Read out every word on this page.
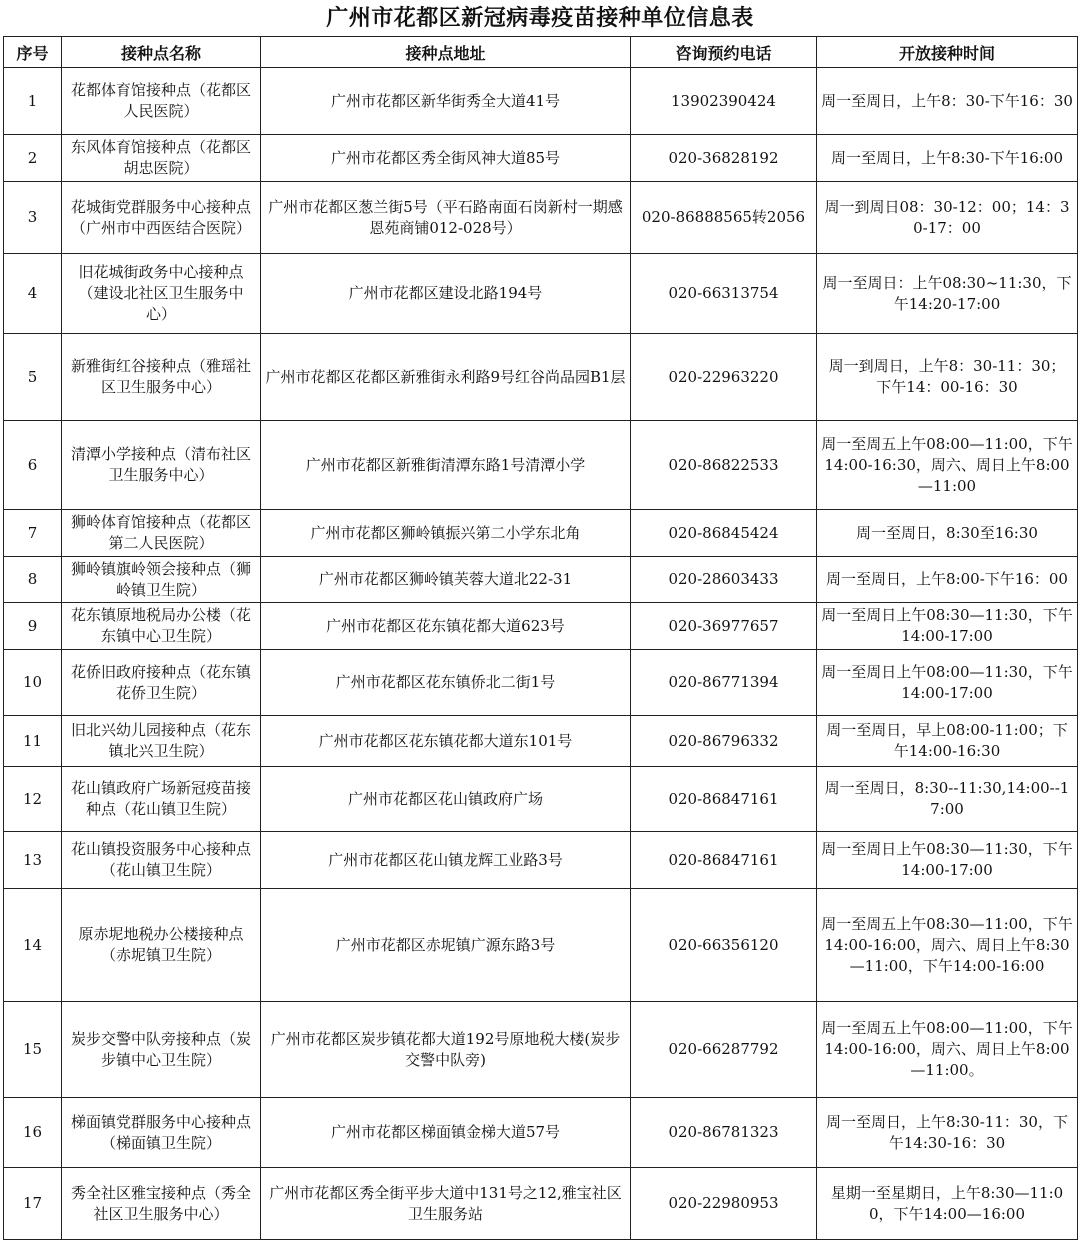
广州市花都区新冠病毒疫苗接种单位信息表
序号	接种点名称	接种点地址	咨询预约电话	开放接种时间
1	花都体育馆接种点（花都区人民医院）	广州市花都区新华街秀全大道41号	13902390424	周一至周日，上午8：30-下午16：30
2	东风体育馆接种点（花都区胡忠医院）	广州市花都区秀全街风神大道85号	020-36828192	周一至周日，上午8:30-下午16:00
3	花城街党群服务中心接种点（广州市中西医结合医院）	广州市花都区葱兰街5号（平石路南面石岗新村一期感恩苑商铺012-028号）	020-86888565转2056	周一到周日08：30-12：00；14：30-17：00
4	旧花城街政务中心接种点（建设北社区卫生服务中心）	广州市花都区建设北路194号	020-66313754	周一至周日：上午08:30~11:30，下午14:20-17:00
5	新雅街红谷接种点（雅瑶社区卫生服务中心）	广州市花都区花都区新雅街永利路9号红谷尚品园B1层	020-22963220	周一到周日，上午8：30-11：30；
下午14：00-16：30
6	清潭小学接种点（清布社区卫生服务中心）	广州市花都区新雅街清潭东路1号清潭小学	020-86822533	周一至周五上午08:00—11:00，下午14:00-16:30，周六、周日上午8:00—11:00
7	狮岭体育馆接种点（花都区第二人民医院）	广州市花都区狮岭镇振兴第二小学东北角	020-86845424	周一至周日，8:30至16:30
8	狮岭镇旗岭领会接种点（狮岭镇卫生院）	广州市花都区狮岭镇芙蓉大道北22-31	020-28603433	周一至周日，上午8:00-下午16：00
9	花东镇原地税局办公楼（花东镇中心卫生院）	广州市花都区花东镇花都大道623号	020-36977657	周一至周日上午08:30—11:30，下午14:00-17:00
10	花侨旧政府接种点（花东镇花侨卫生院）	广州市花都区花东镇侨北二街1号	020-86771394	周一至周日上午08:00—11:30，下午14:00-17:00
11	旧北兴幼儿园接种点（花东镇北兴卫生院）	广州市花都区花东镇花都大道东101号	020-86796332	周一至周日，早上08:00-11:00；下午14:00-16:30
12	花山镇政府广场新冠疫苗接种点（花山镇卫生院）	广州市花都区花山镇政府广场	020-86847161	周一至周日，8:30--11:30,14:00--17:00
13	花山镇投资服务中心接种点（花山镇卫生院）	广州市花都区花山镇龙辉工业路3号	020-86847161	周一至周日上午08:30—11:30，下午14:00-17:00
14	原赤坭地税办公楼接种点（赤坭镇卫生院）	广州市花都区赤坭镇广源东路3号	020-66356120	周一至周五上午08:30—11:00，下午14:00-16:00，周六、周日上午8:30—11:00，下午14:00-16:00
15	炭步交警中队旁接种点（炭步镇中心卫生院）	广州市花都区炭步镇花都大道192号原地税大楼(炭步交警中队旁)	020-66287792	周一至周五上午08:00—11:00，下午14:00-16:00，周六、周日上午8:00—11:00。
16	梯面镇党群服务中心接种点（梯面镇卫生院）	广州市花都区梯面镇金梯大道57号	020-86781323	周一至周日，上午8:30-11：30，下午14:30-16：30
17	秀全社区雅宝接种点（秀全社区卫生服务中心）	广州市花都区秀全街平步大道中131号之12,雅宝社区卫生服务站	020-22980953	星期一至星期日，上午8:30—11:00，下午14:00—16:00
